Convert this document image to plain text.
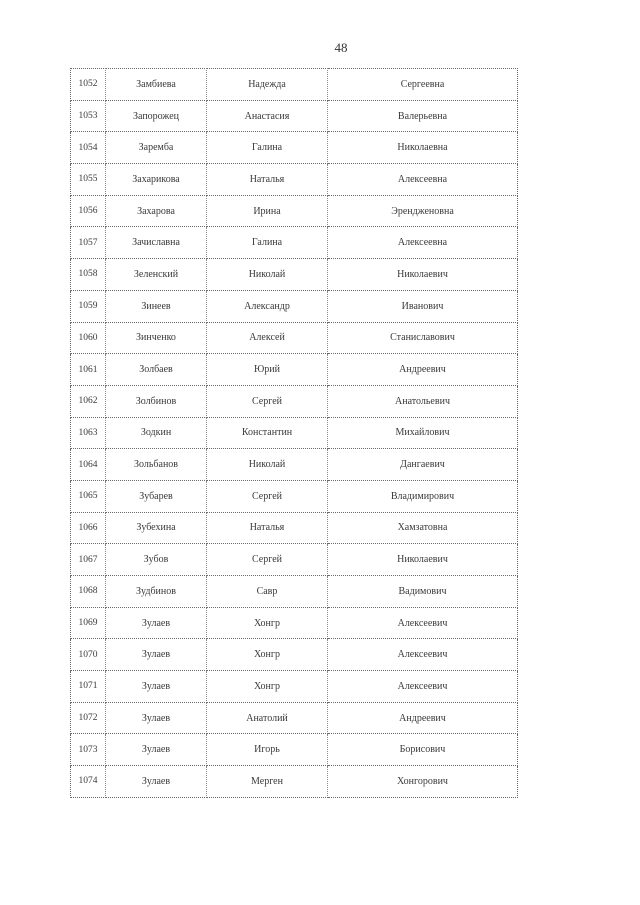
48
1052	Замбиева	Надежда	Сергеевна
1053	Запорожец	Анастасия	Валерьевна
1054	Заремба	Галина	Николаевна
1055	Захарикова	Наталья	Алексеевна
1056	Захарова	Ирина	Эрендженовна
1057	Зачиславна	Галина	Алексеевна
1058	Зеленский	Николай	Николаевич
1059	Зинеев	Александр	Иванович
1060	Зинченко	Алексей	Станиславович
1061	Золбаев	Юрий	Андреевич
1062	Золбинов	Сергей	Анатольевич
1063	Зодкин	Константин	Михайлович
1064	Зольбанов	Николай	Дангаевич
1065	Зубарев	Сергей	Владимирович
1066	Зубехина	Наталья	Хамзатовна
1067	Зубов	Сергей	Николаевич
1068	Зудбинов	Савр	Вадимович
1069	Зулаев	Хонгр	Алексеевич
1070	Зулаев	Хонгр	Алексеевич
1071	Зулаев	Хонгр	Алексеевич
1072	Зулаев	Анатолий	Андреевич
1073	Зулаев	Игорь	Борисович
1074	Зулаев	Мерген	Хонгорович
